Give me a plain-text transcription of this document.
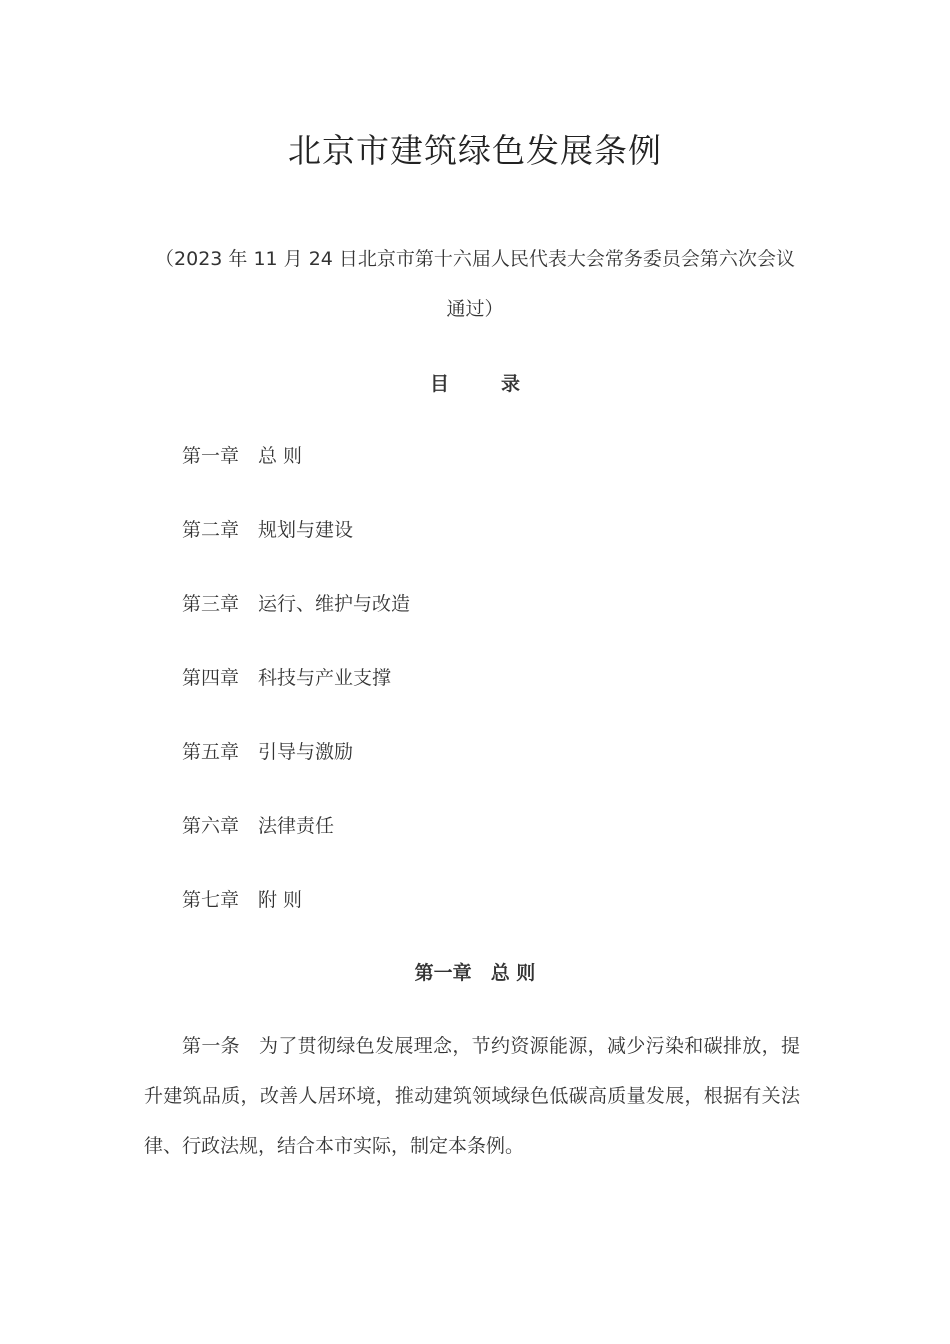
北京市建筑绿色发展条例

（2023 年 11 月 24 日北京市第十六届人民代表大会常务委员会第六次会议通过）

目	录
第一章 总 则
第二章 规划与建设
第三章 运行、维护与改造
第四章 科技与产业支撑
第五章 引导与激励
第六章 法律责任
第七章 附 则
第一章 总 则

第一条 为了贯彻绿色发展理念，节约资源能源，减少污染和碳排放，提升建筑品质，改善人居环境，推动建筑领域绿色低碳高质量发展，根据有关法律、行政法规，结合本市实际，制定本条例。
